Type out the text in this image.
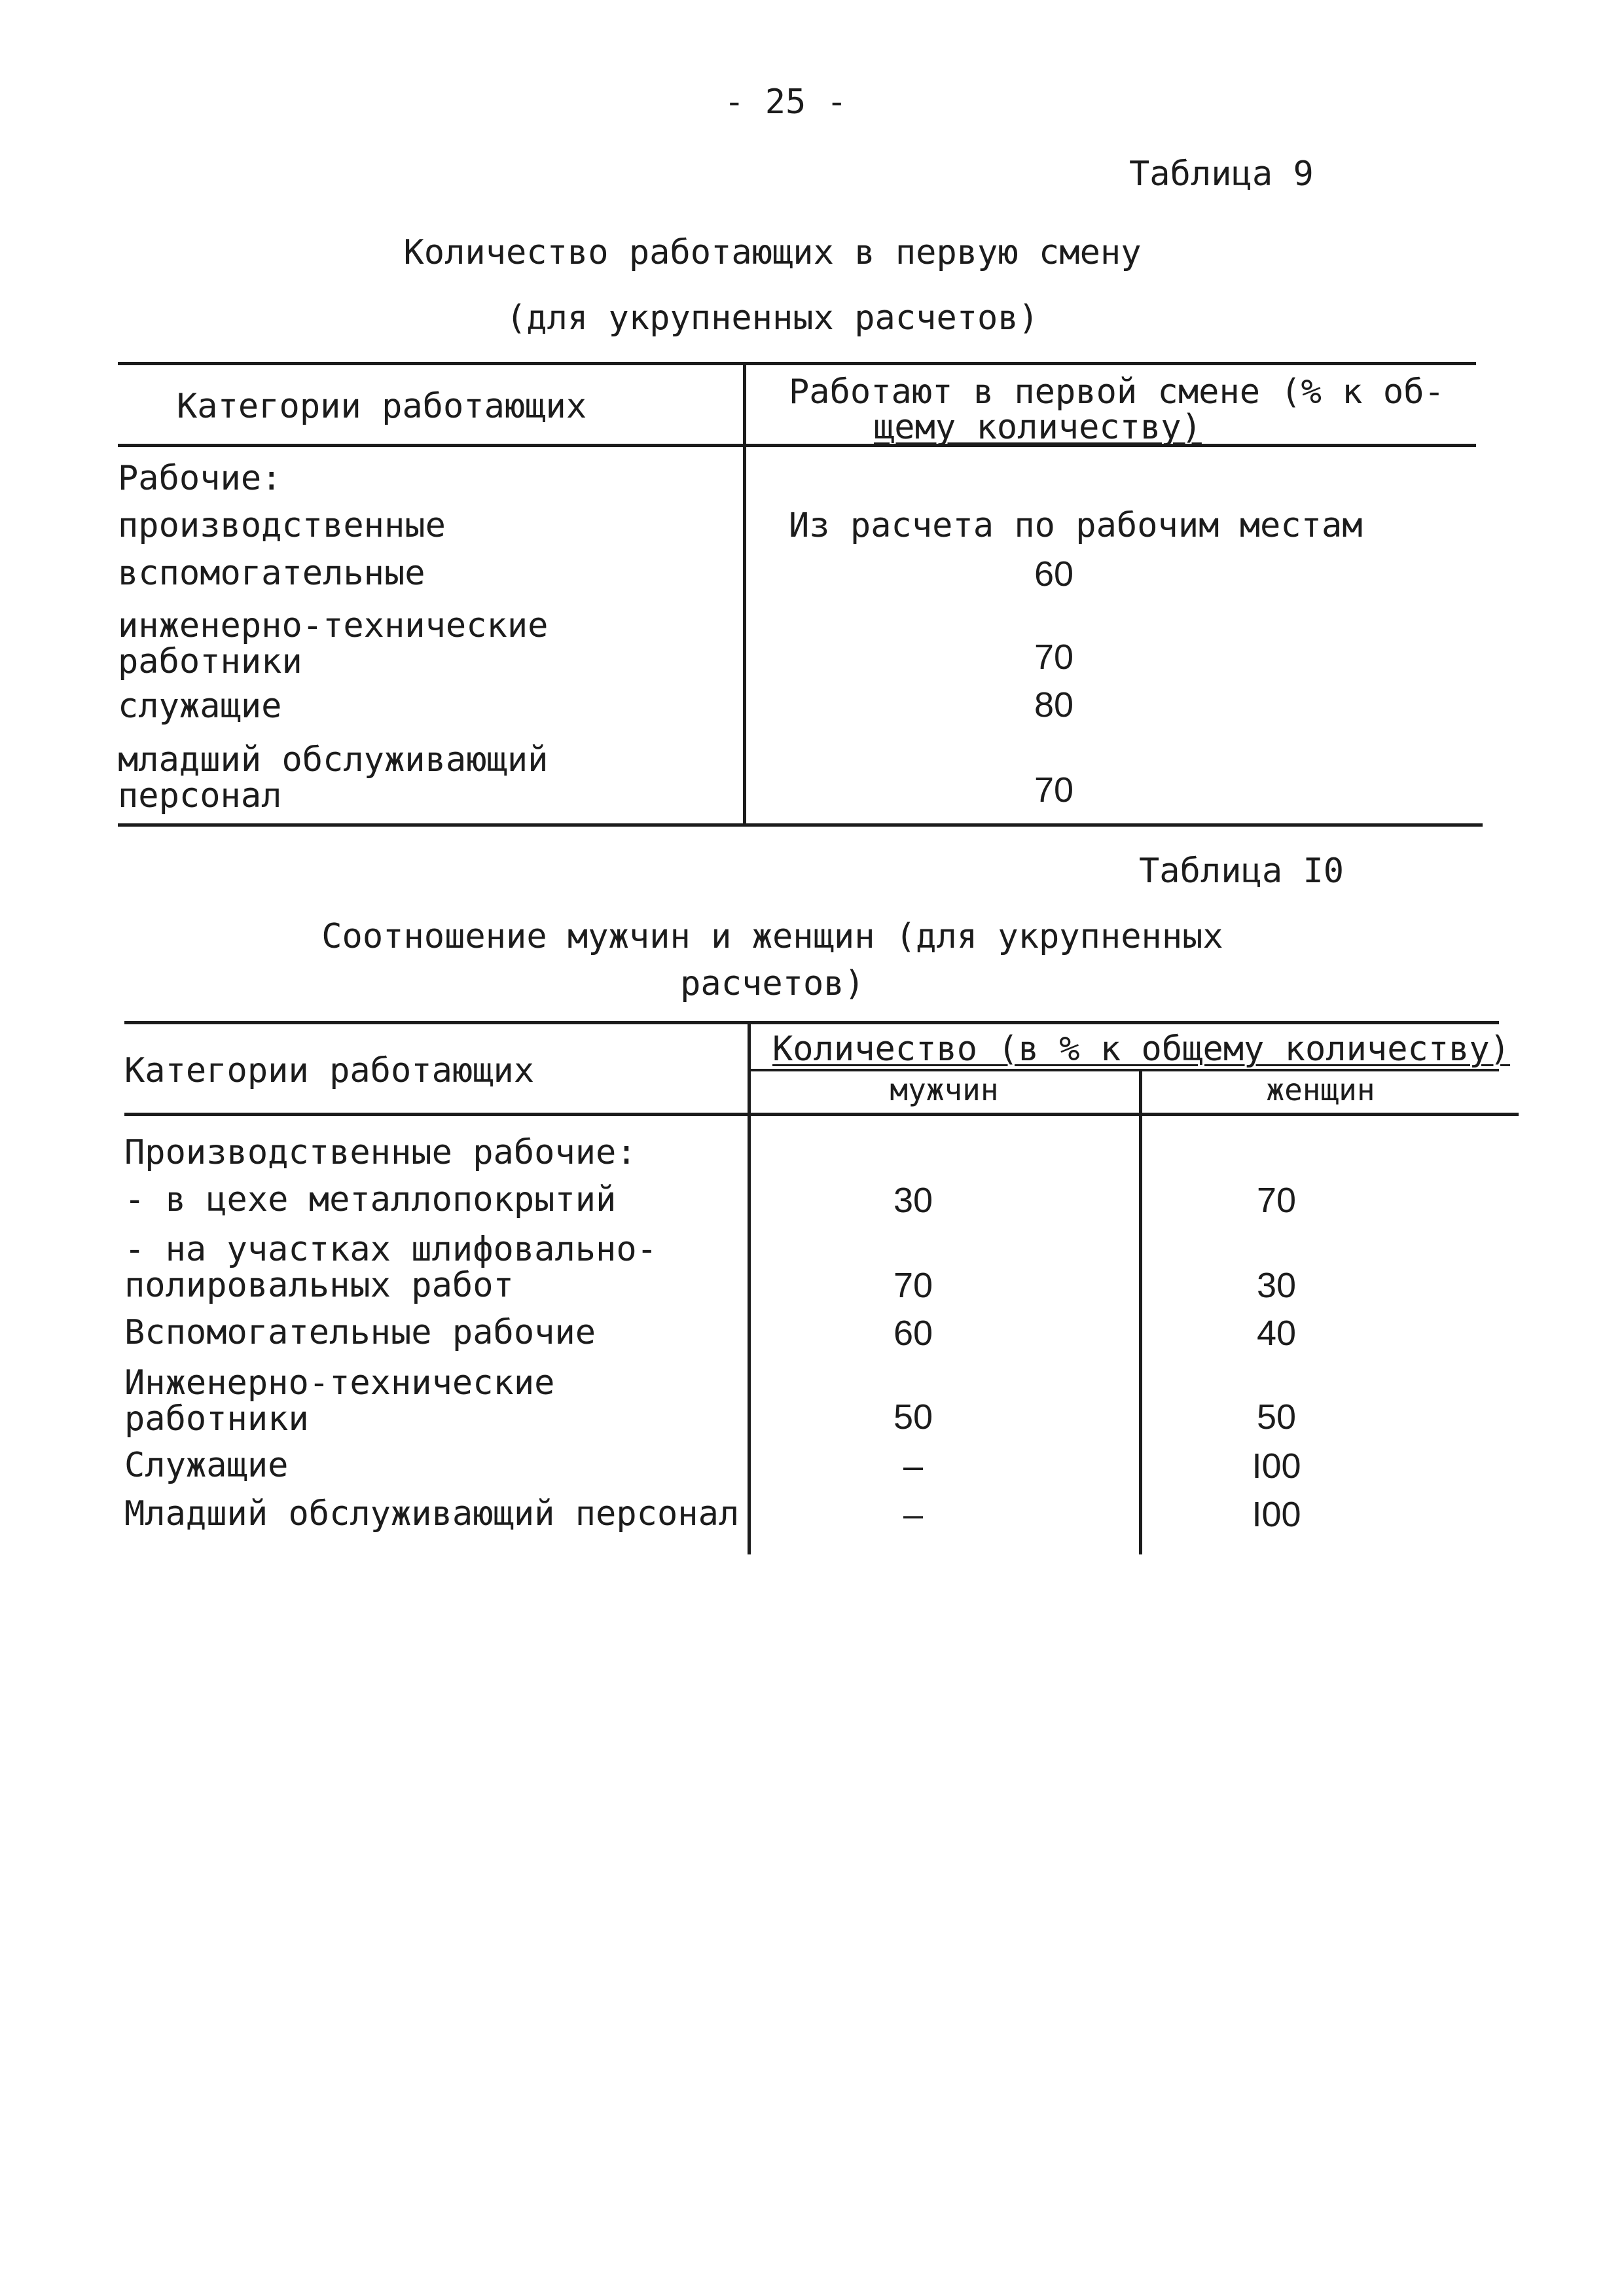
- 25 -
Таблица 9
Количество работающих в первую смену
(для укрупненных расчетов)
Категории работающих	Работают в первой смене (% к об-
щему количеству)
Рабочие:
производственные	Из расчета по рабочим местам
вспомогательные	60
инженерно-технические
работники	70
служащие	80
младший обслуживающий
персонал	70
Таблица I0
Соотношение мужчин и женщин (для укрупненных
расчетов)
Категории работающих
Количество (в % к общему количеству)
мужчин	женщин
Производственные рабочие:
- в цехе металлопокрытий	30	70
- на участках шлифовально-
полировальных работ	70	30
Вспомогательные рабочие	60	40
Инженерно-технические
работники	50	50
Служащие	–	I00
Младший обслуживающий персонал	–	I00
